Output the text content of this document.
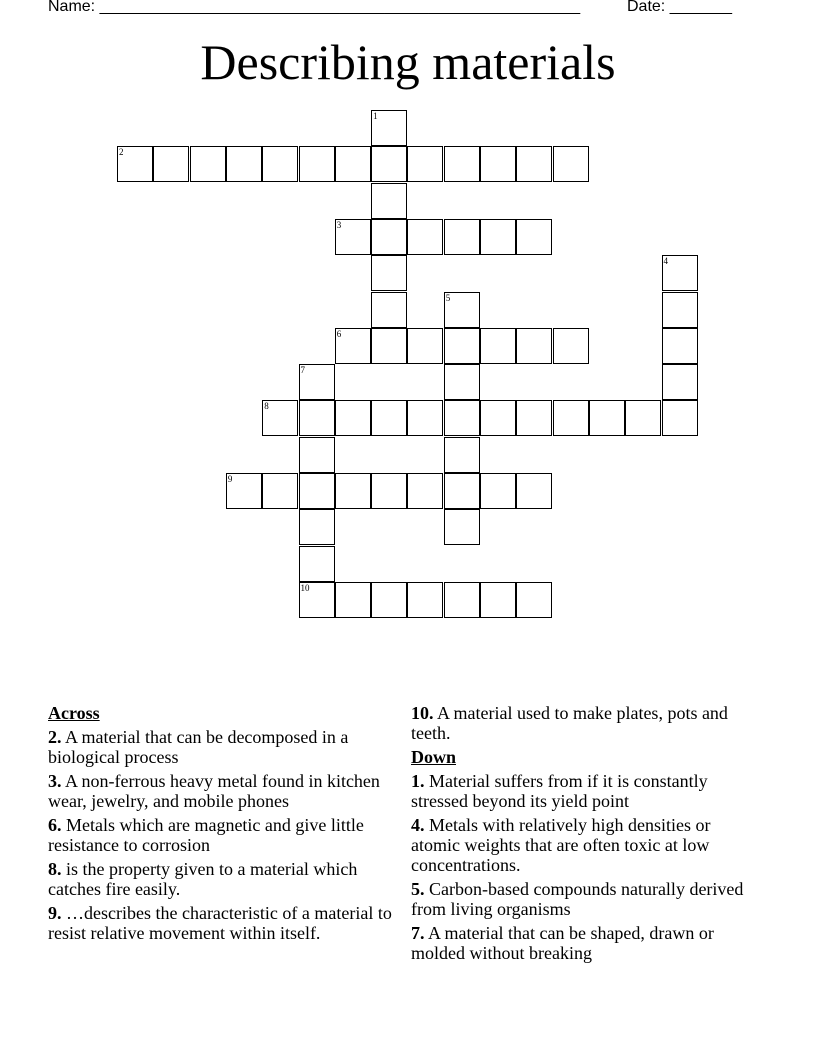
Name: ______________________________________________________	Date: _______
Describing materials
1
2
3
4
5
6
7
8
9
10
Across
2. A material that can be decomposed in a biological process
3. A non-ferrous heavy metal found in kitchen wear, jewelry, and mobile phones
6. Metals which are magnetic and give little resistance to corrosion
8. is the property given to a material which catches fire easily.
9. …describes the characteristic of a material to resist relative movement within itself.
10. A material used to make plates, pots and teeth.
Down
1. Material suffers from if it is constantly stressed beyond its yield point
4. Metals with relatively high densities or atomic weights that are often toxic at low concentrations.
5. Carbon-based compounds naturally derived from living organisms
7. A material that can be shaped, drawn or molded without breaking
